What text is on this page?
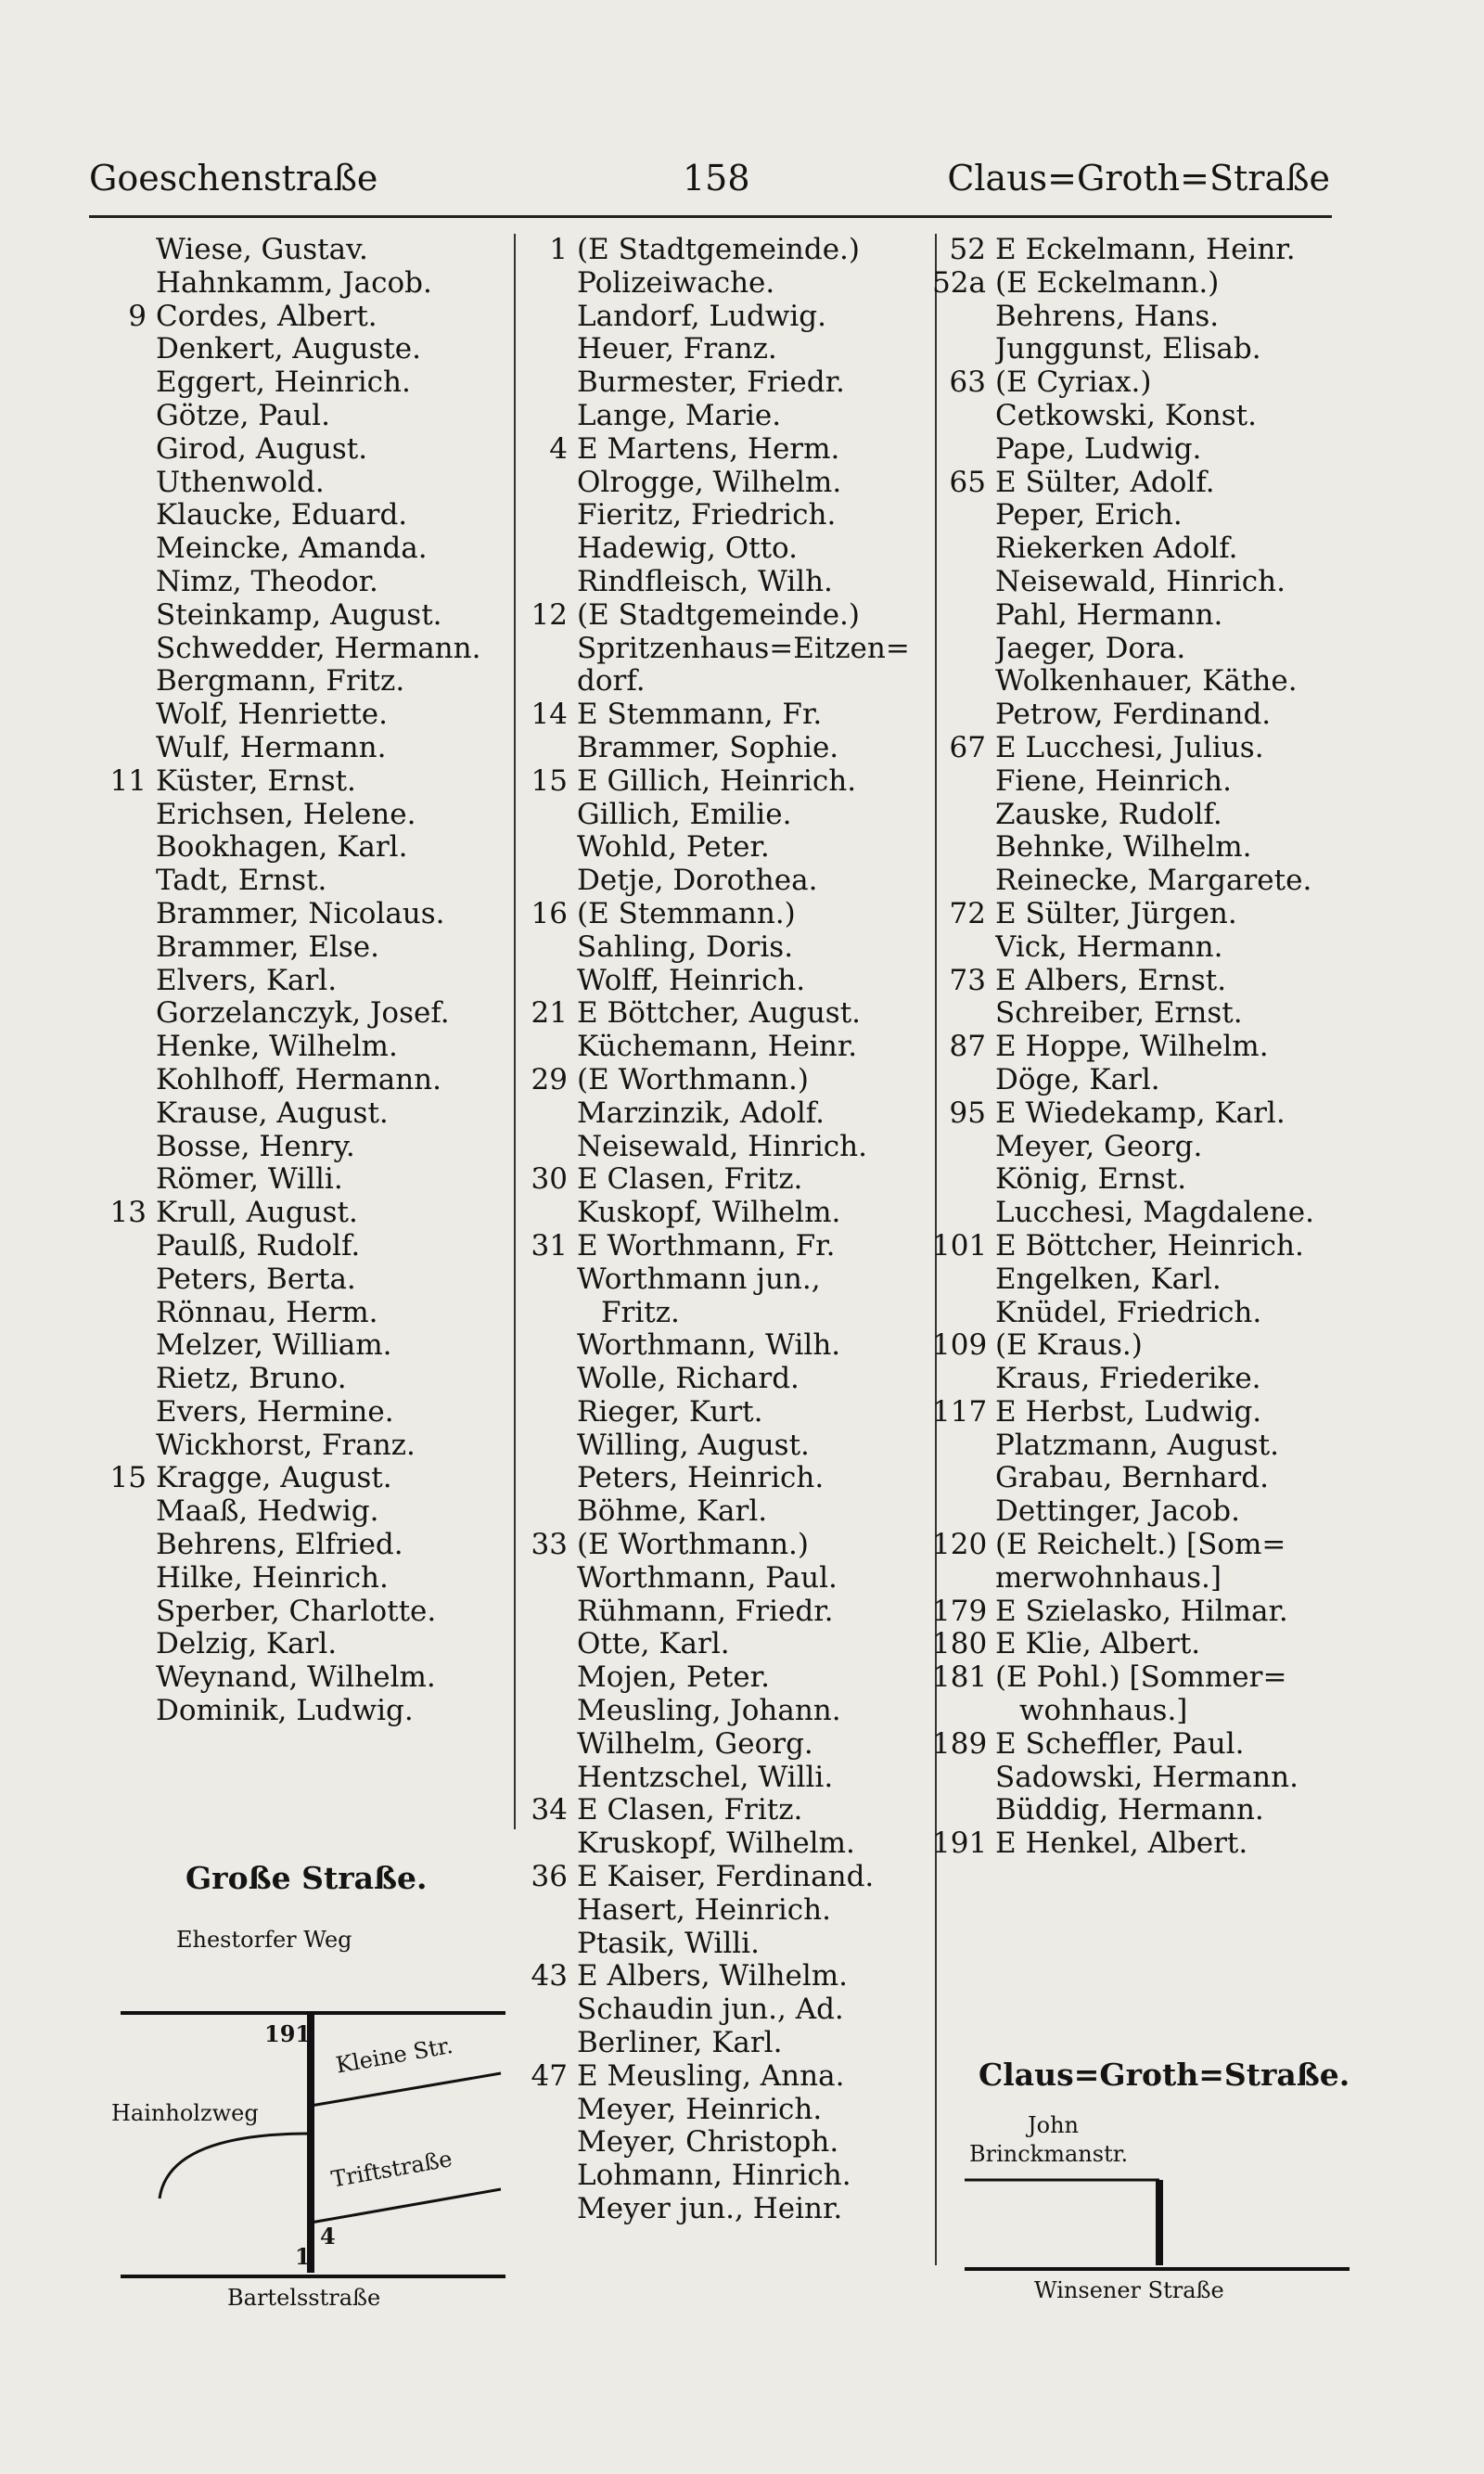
Goeschenstraße	158	Claus=Groth=Straße
Wiese, Gustav.
Hahnkamm, Jacob.
9 Cordes, Albert.
Denkert, Auguste.
Eggert, Heinrich.
Götze, Paul.
Girod, August.
Uthenwold.
Klaucke, Eduard.
Meincke, Amanda.
Nimz, Theodor.
Steinkamp, August.
Schwedder, Hermann.
Bergmann, Fritz.
Wolf, Henriette.
Wulf, Hermann.
11 Küster, Ernst.
Erichsen, Helene.
Bookhagen, Karl.
Tadt, Ernst.
Brammer, Nicolaus.
Brammer, Else.
Elvers, Karl.
Gorzelanczyk, Josef.
Henke, Wilhelm.
Kohlhoff, Hermann.
Krause, August.
Bosse, Henry.
Römer, Willi.
13 Krull, August.
Paulß, Rudolf.
Peters, Berta.
Rönnau, Herm.
Melzer, William.
Rietz, Bruno.
Evers, Hermine.
Wickhorst, Franz.
15 Kragge, August.
Maaß, Hedwig.
Behrens, Elfried.
Hilke, Heinrich.
Sperber, Charlotte.
Delzig, Karl.
Weynand, Wilhelm.
Dominik, Ludwig.
1 (E Stadtgemeinde.)
Polizeiwache.
Landorf, Ludwig.
Heuer, Franz.
Burmester, Friedr.
Lange, Marie.
4 E Martens, Herm.
Olrogge, Wilhelm.
Fieritz, Friedrich.
Hadewig, Otto.
Rindfleisch, Wilh.
12 (E Stadtgemeinde.)
Spritzenhaus=Eitzen=
dorf.
14 E Stemmann, Fr.
Brammer, Sophie.
15 E Gillich, Heinrich.
Gillich, Emilie.
Wohld, Peter.
Detje, Dorothea.
16 (E Stemmann.)
Sahling, Doris.
Wolff, Heinrich.
21 E Böttcher, August.
Küchemann, Heinr.
29 (E Worthmann.)
Marzinzik, Adolf.
Neisewald, Hinrich.
30 E Clasen, Fritz.
Kuskopf, Wilhelm.
31 E Worthmann, Fr.
Worthmann jun.,
Fritz.
Worthmann, Wilh.
Wolle, Richard.
Rieger, Kurt.
Willing, August.
Peters, Heinrich.
Böhme, Karl.
33 (E Worthmann.)
Worthmann, Paul.
Rühmann, Friedr.
Otte, Karl.
Mojen, Peter.
Meusling, Johann.
Wilhelm, Georg.
Hentzschel, Willi.
34 E Clasen, Fritz.
Kruskopf, Wilhelm.
36 E Kaiser, Ferdinand.
Hasert, Heinrich.
Ptasik, Willi.
43 E Albers, Wilhelm.
Schaudin jun., Ad.
Berliner, Karl.
47 E Meusling, Anna.
Meyer, Heinrich.
Meyer, Christoph.
Lohmann, Hinrich.
Meyer jun., Heinr.
52 E Eckelmann, Heinr.
52a (E Eckelmann.)
Behrens, Hans.
Junggunst, Elisab.
63 (E Cyriax.)
Cetkowski, Konst.
Pape, Ludwig.
65 E Sülter, Adolf.
Peper, Erich.
Riekerken Adolf.
Neisewald, Hinrich.
Pahl, Hermann.
Jaeger, Dora.
Wolkenhauer, Käthe.
Petrow, Ferdinand.
67 E Lucchesi, Julius.
Fiene, Heinrich.
Zauske, Rudolf.
Behnke, Wilhelm.
Reinecke, Margarete.
72 E Sülter, Jürgen.
Vick, Hermann.
73 E Albers, Ernst.
Schreiber, Ernst.
87 E Hoppe, Wilhelm.
Döge, Karl.
95 E Wiedekamp, Karl.
Meyer, Georg.
König, Ernst.
Lucchesi, Magdalene.
101 E Böttcher, Heinrich.
Engelken, Karl.
Knüdel, Friedrich.
109 (E Kraus.)
Kraus, Friederike.
117 E Herbst, Ludwig.
Platzmann, August.
Grabau, Bernhard.
Dettinger, Jacob.
120 (E Reichelt.) [Som=
merwohnhaus.]
179 E Szielasko, Hilmar.
180 E Klie, Albert.
181 (E Pohl.) [Sommer=
wohnhaus.]
189 E Scheffler, Paul.
Sadowski, Hermann.
Büddig, Hermann.
191 E Henkel, Albert.
Große Straße.
Ehestorfer Weg
191 Kleine Str.
Hainholzweg
Triftstraße
1
4
Bartelsstraße
Claus=Groth=Straße.
John
Brinckmanstr.
Winsener Straße
